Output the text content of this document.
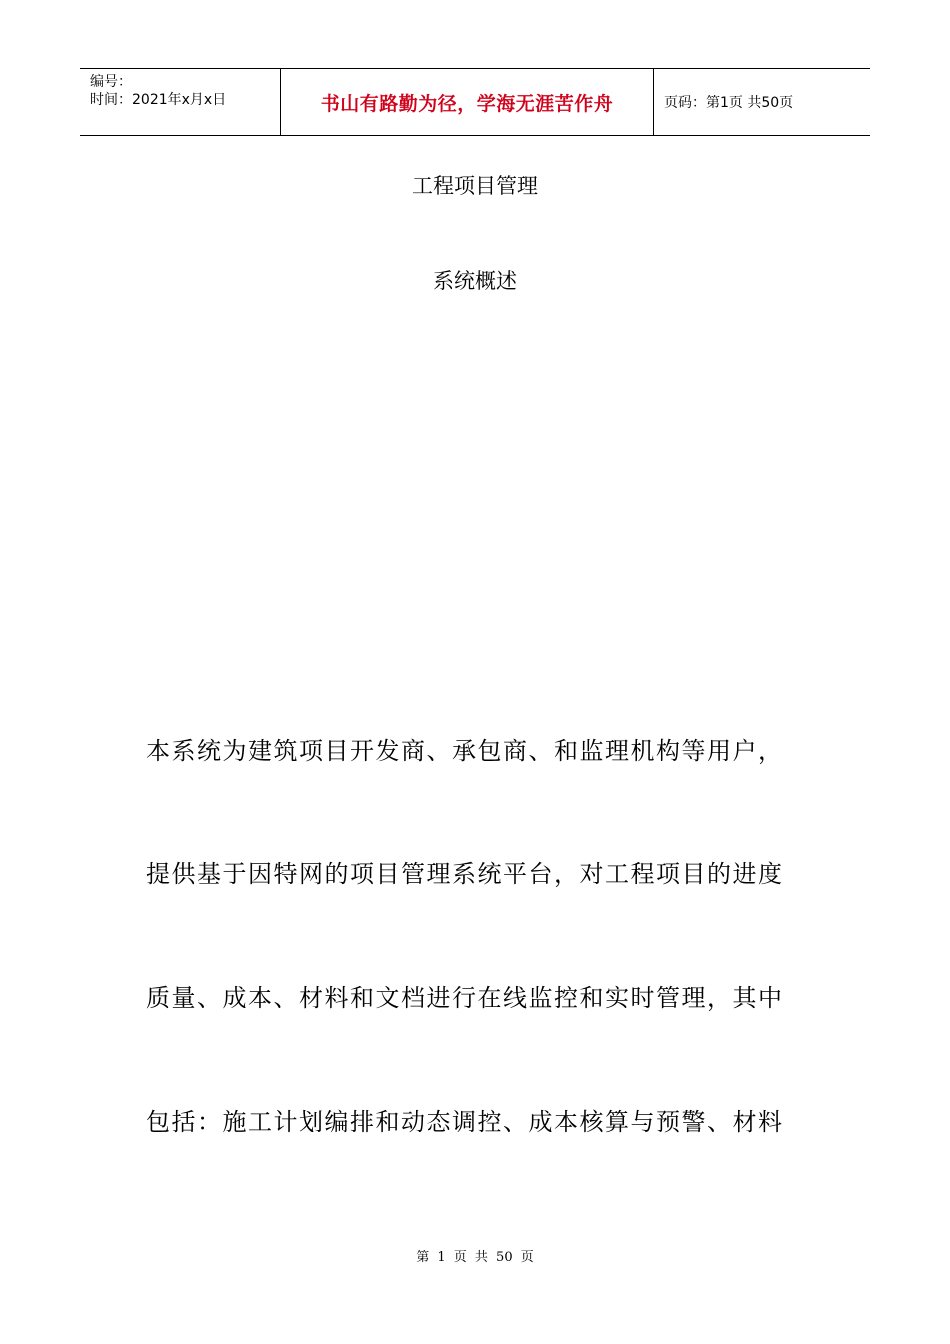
编号：
时间：2021年x月x日	书山有路勤为径，学海无涯苦作舟	页码：第1页 共50页
工程项目管理
系统概述
本系统为建筑项目开发商、承包商、和监理机构等用户，
提供基于因特网的项目管理系统平台，对工程项目的进度
质量、成本、材料和文档进行在线监控和实时管理，其中
包括：施工计划编排和动态调控、成本核算与预警、材料
第 1 页 共 50 页
